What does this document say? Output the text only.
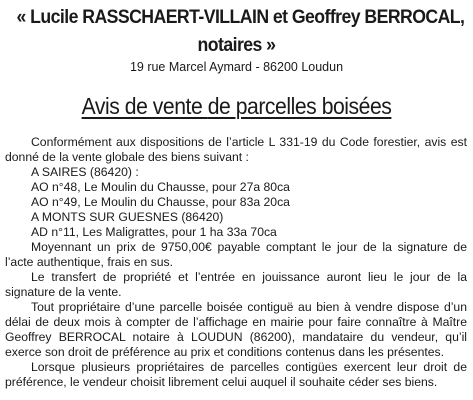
« Lucile RASSCHAERT-VILLAIN et Geoffrey BERROCAL,
notaires »
19 rue Marcel Aymard - 86200 Loudun
Avis de vente de parcelles boisées

Conformément aux dispositions de l’article L 331-19 du Code forestier, avis est donné de la vente globale des biens suivant :

A SAIRES (86420) :

AO n°48, Le Moulin du Chausse, pour 27a 80ca

AO n°49, Le Moulin du Chausse, pour 83a 20ca

A MONTS SUR GUESNES (86420)

AD n°11, Les Maligrattes, pour 1 ha 33a 70ca

Moyennant un prix de 9750,00€ payable comptant le jour de la signature de l’acte authentique, frais en sus.

Le transfert de propriété et l’entrée en jouissance auront lieu le jour de la signature de la vente.

Tout propriétaire d’une parcelle boisée contiguë au bien à vendre dispose d’un délai de deux mois à compter de l’affichage en mairie pour faire connaître à Maître Geoffrey BERROCAL notaire à LOUDUN (86200), mandataire du vendeur, qu’il exerce son droit de préférence au prix et conditions contenus dans les présentes.

Lorsque plusieurs propriétaires de parcelles contigües exercent leur droit de préférence, le vendeur choisit librement celui auquel il souhaite céder ses biens.
